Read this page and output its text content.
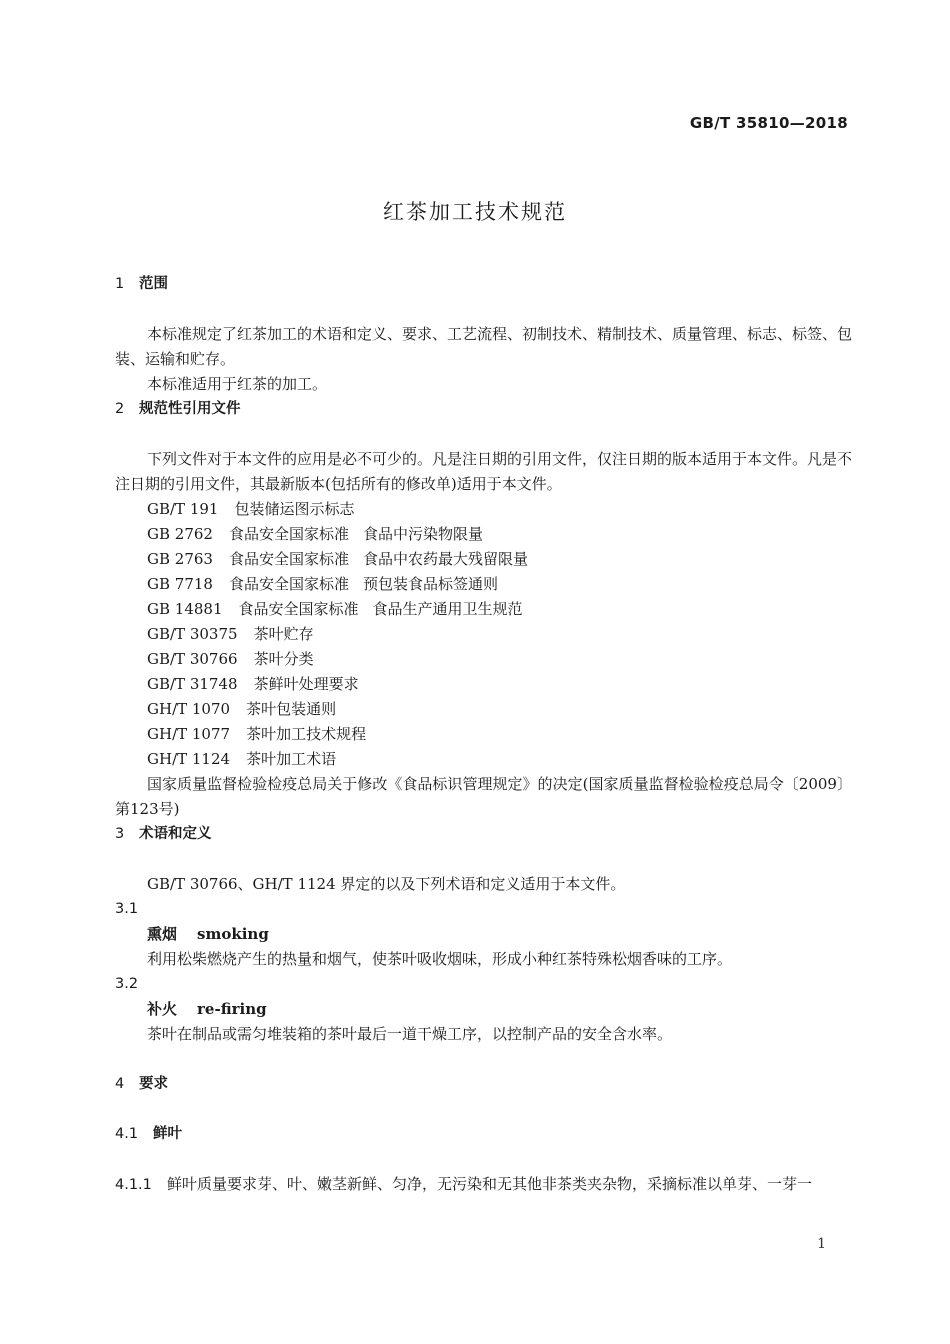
GB/T 35810—2018
红茶加工技术规范
1 范围

本标准规定了红茶加工的术语和定义、要求、工艺流程、初制技术、精制技术、质量管理、标志、标签、包装、运输和贮存。

本标准适用于红茶的加工。

2 规范性引用文件

下列文件对于本文件的应用是必不可少的。凡是注日期的引用文件，仅注日期的版本适用于本文件。凡是不注日期的引用文件，其最新版本(包括所有的修改单)适用于本文件。

GB/T 191 包装储运图示标志
GB 2762 食品安全国家标准 食品中污染物限量
GB 2763 食品安全国家标准 食品中农药最大残留限量
GB 7718 食品安全国家标准 预包装食品标签通则
GB 14881 食品安全国家标准 食品生产通用卫生规范
GB/T 30375 茶叶贮存
GB/T 30766 茶叶分类
GB/T 31748 茶鲜叶处理要求
GH/T 1070 茶叶包装通则
GH/T 1077 茶叶加工技术规程
GH/T 1124 茶叶加工术语

国家质量监督检验检疫总局关于修改《食品标识管理规定》的决定(国家质量监督检验检疫总局令〔2009〕第123号)

3 术语和定义

GB/T 30766、GH/T 1124 界定的以及下列术语和定义适用于本文件。

3.1
熏烟 smoking
利用松柴燃烧产生的热量和烟气，使茶叶吸收烟味，形成小种红茶特殊松烟香味的工序。
3.2
补火 re-firing
茶叶在制品或需匀堆装箱的茶叶最后一道干燥工序，以控制产品的安全含水率。
4 要求
4.1 鲜叶
4.1.1 鲜叶质量要求芽、叶、嫩茎新鲜、匀净，无污染和无其他非茶类夹杂物，采摘标准以单芽、一芽一
1
